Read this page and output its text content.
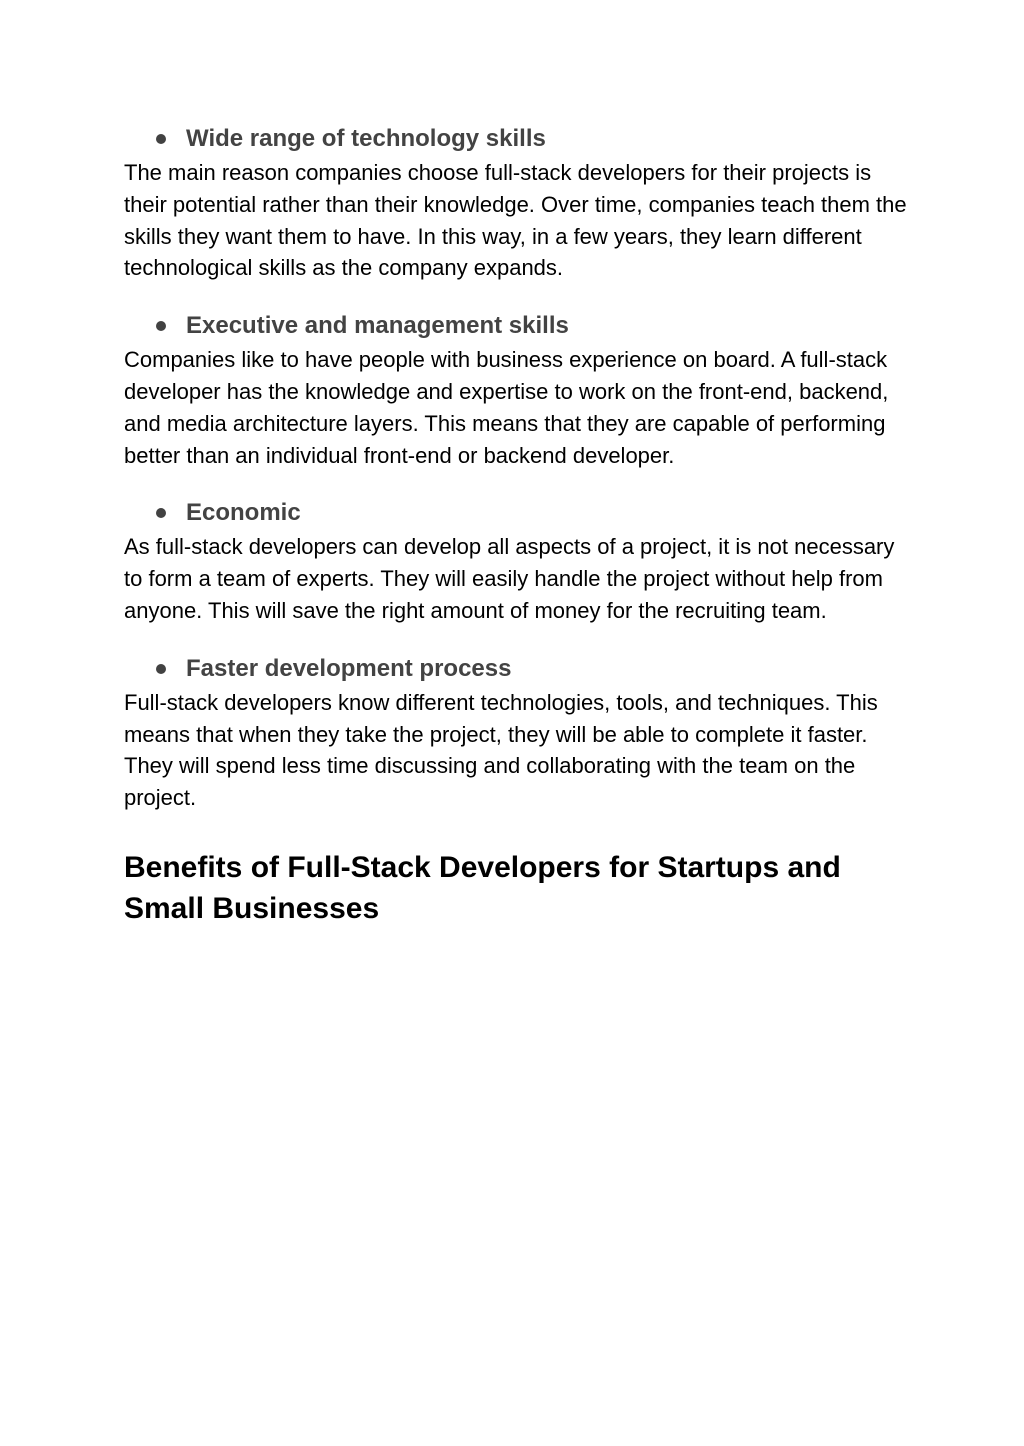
Wide range of technology skills

The main reason companies choose full-stack developers for their projects is their potential rather than their knowledge. Over time, companies teach them the skills they want them to have. In this way, in a few years, they learn different technological skills as the company expands.

Executive and management skills

Companies like to have people with business experience on board. A full-stack developer has the knowledge and expertise to work on the front-end, backend, and media architecture layers. This means that they are capable of performing better than an individual front-end or backend developer.

Economic

As full-stack developers can develop all aspects of a project, it is not necessary to form a team of experts. They will easily handle the project without help from anyone. This will save the right amount of money for the recruiting team.

Faster development process

Full-stack developers know different technologies, tools, and techniques. This means that when they take the project, they will be able to complete it faster. They will spend less time discussing and collaborating with the team on the project.

Benefits of Full-Stack Developers for Startups and Small Businesses
